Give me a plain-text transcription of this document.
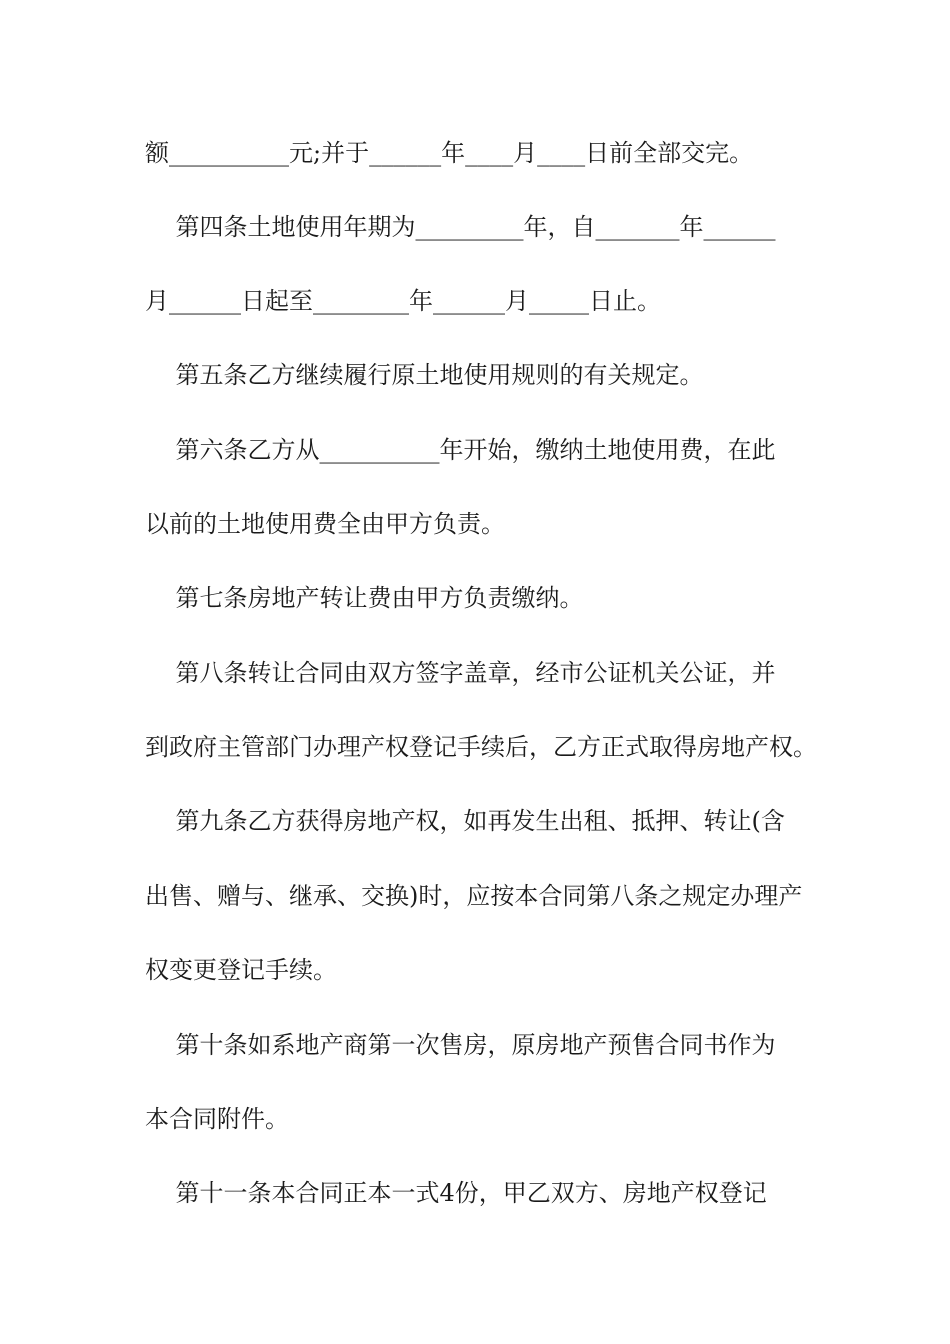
额__________元;并于______年____月____日前全部交完。
第四条土地使用年期为_________年，自_______年______
月______日起至________年______月_____日止。
第五条乙方继续履行原土地使用规则的有关规定。
第六条乙方从__________年开始，缴纳土地使用费，在此
以前的土地使用费全由甲方负责。
第七条房地产转让费由甲方负责缴纳。
第八条转让合同由双方签字盖章，经市公证机关公证，并
到政府主管部门办理产权登记手续后，乙方正式取得房地产权。
第九条乙方获得房地产权，如再发生出租、抵押、转让(含
出售、赠与、继承、交换)时，应按本合同第八条之规定办理产
权变更登记手续。
第十条如系地产商第一次售房，原房地产预售合同书作为
本合同附件。
第十一条本合同正本一式4份，甲乙双方、房地产权登记
